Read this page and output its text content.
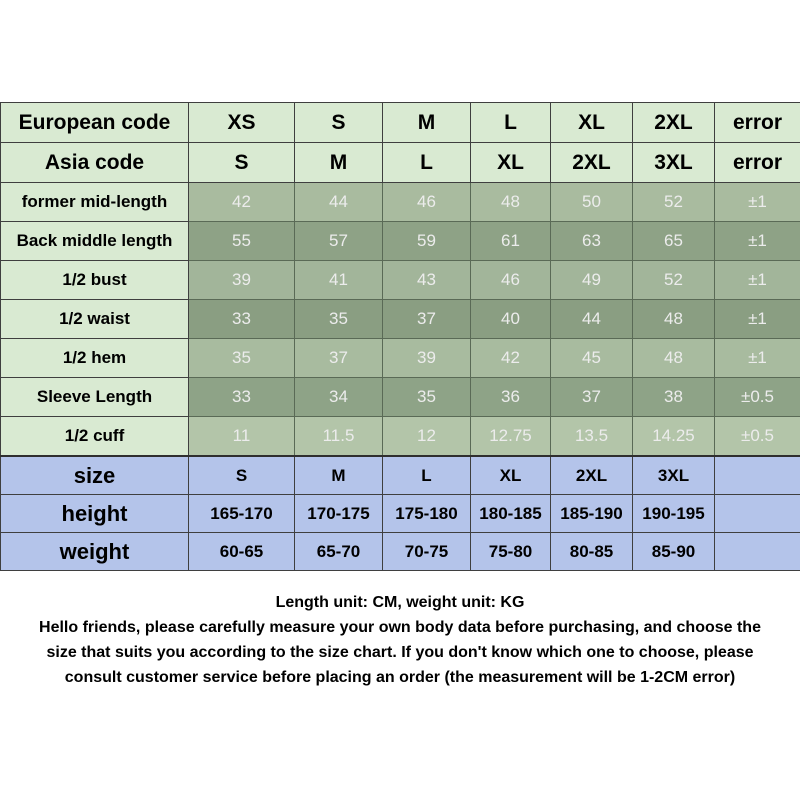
European code	XS	S	M	L	XL	2XL	error
Asia code	S	M	L	XL	2XL	3XL	error
former mid-length	42	44	46	48	50	52	±1
Back middle length	55	57	59	61	63	65	±1
1/2 bust	39	41	43	46	49	52	±1
1/2 waist	33	35	37	40	44	48	±1
1/2 hem	35	37	39	42	45	48	±1
Sleeve Length	33	34	35	36	37	38	±0.5
1/2 cuff	11	11.5	12	12.75	13.5	14.25	±0.5
size	S	M	L	XL	2XL	3XL	
height	165-170	170-175	175-180	180-185	185-190	190-195	
weight	60-65	65-70	70-75	75-80	80-85	85-90	
Length unit: CM, weight unit: KG
Hello friends, please carefully measure your own body data before purchasing, and choose the
size that suits you according to the size chart. If you don't know which one to choose, please
consult customer service before placing an order (the measurement will be 1-2CM error)
